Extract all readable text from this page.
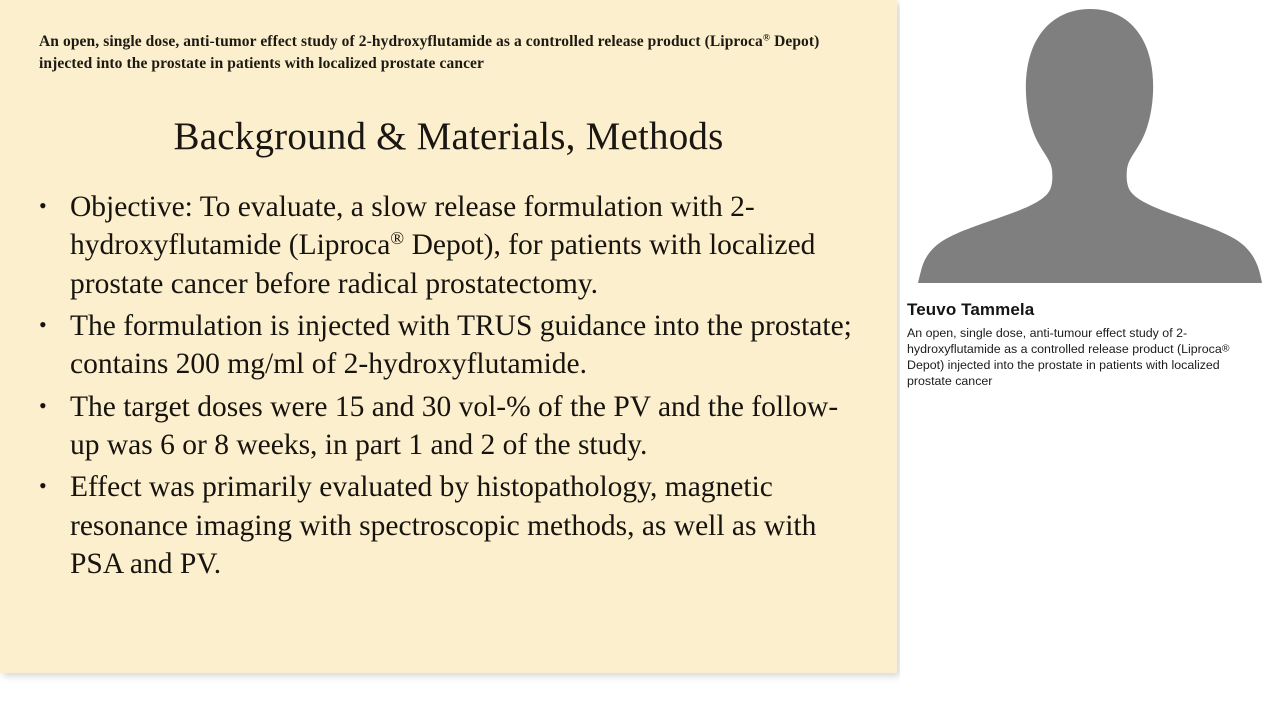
An open, single dose, anti-tumor effect study of 2-hydroxyflutamide as a controlled release product (Liproca® Depot) injected into the prostate in patients with localized prostate cancer
Background & Materials, Methods
• Objective: To evaluate, a slow release formulation with 2-hydroxyflutamide (Liproca® Depot), for patients with localized prostate cancer before radical prostatectomy.
• The formulation is injected with TRUS guidance into the prostate; contains 200 mg/ml of 2-hydroxyflutamide.
• The target doses were 15 and 30 vol-% of the PV and the follow-up was 6 or 8 weeks, in part 1 and 2 of the study.
• Effect was primarily evaluated by histopathology, magnetic resonance imaging with spectroscopic methods, as well as with PSA and PV.
Teuvo Tammela
An open, single dose, anti-tumour effect study of 2-hydroxyflutamide as a controlled release product (Liproca® Depot) injected into the prostate in patients with localized prostate cancer
